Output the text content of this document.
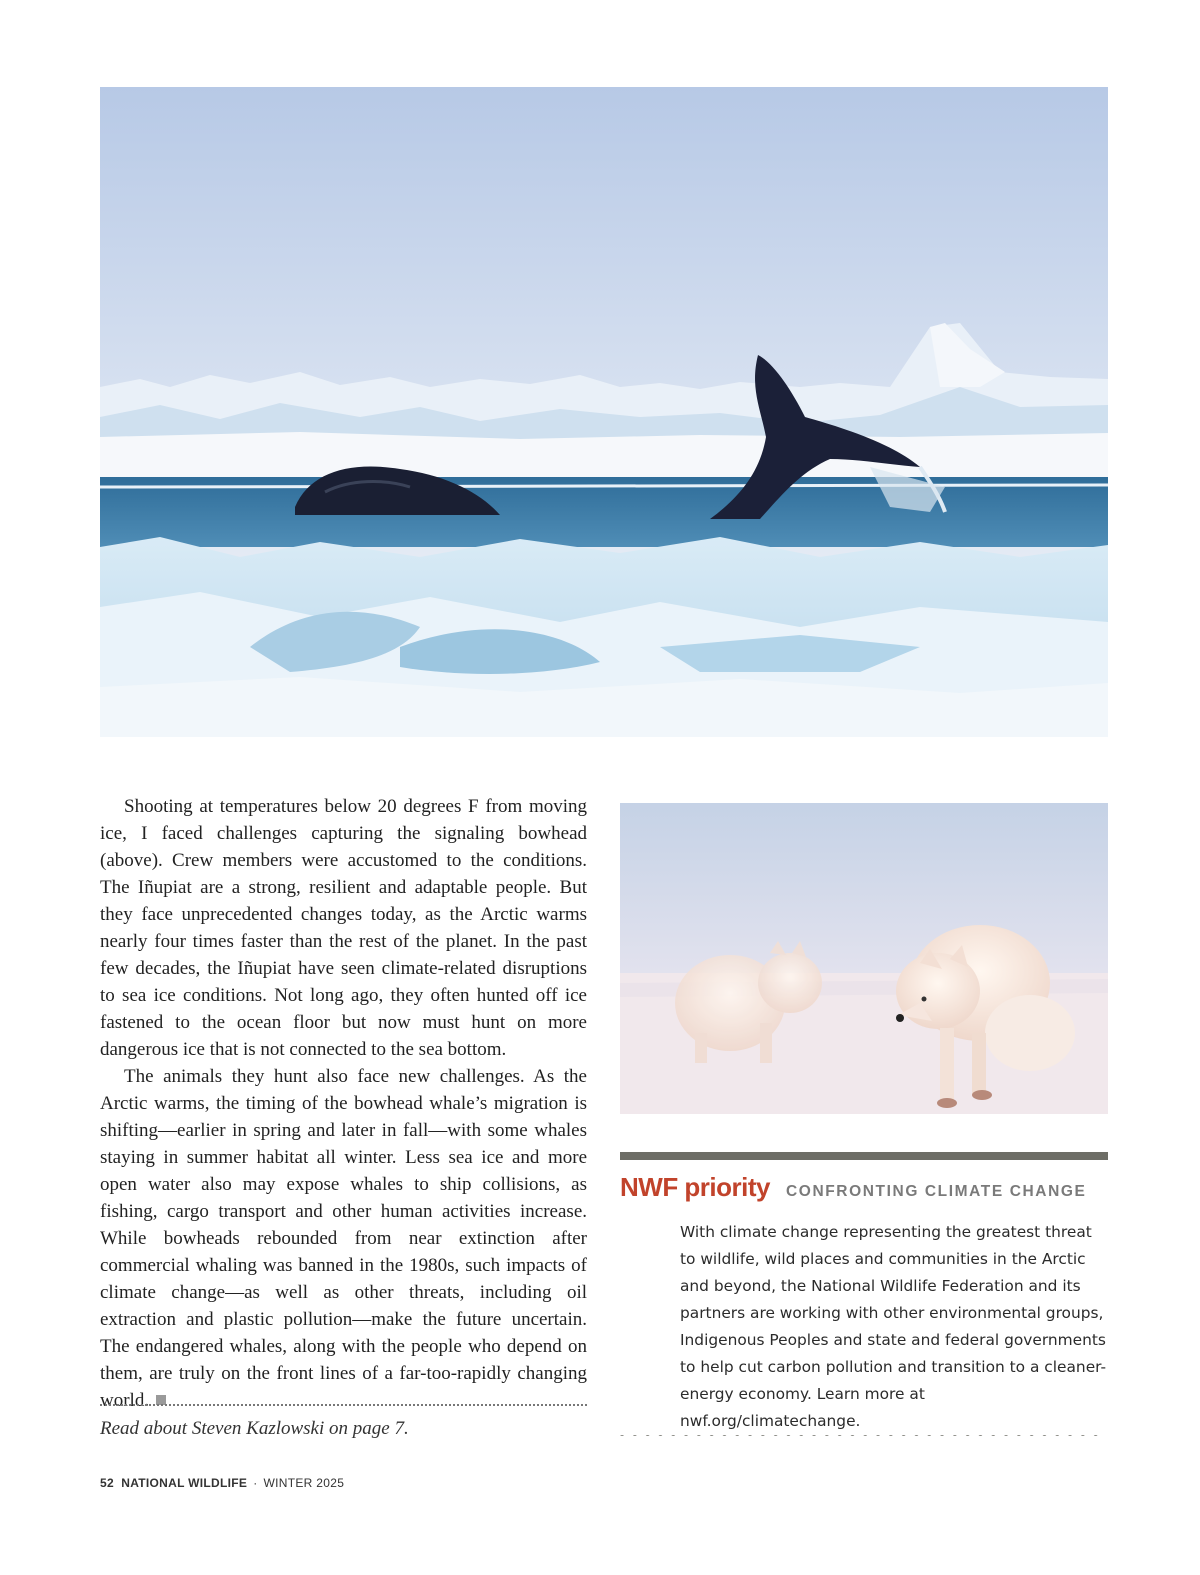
Shooting at temperatures below 20 degrees F from moving ice, I faced challenges capturing the signaling bowhead (above). Crew members were accustomed to the conditions. The Iñupiat are a strong, resilient and adaptable people. But they face unprecedented changes today, as the Arctic warms nearly four times faster than the rest of the planet. In the past few decades, the Iñupiat have seen climate-related disruptions to sea ice conditions. Not long ago, they often hunted off ice fastened to the ocean floor but now must hunt on more dangerous ice that is not connected to the sea bottom.

The animals they hunt also face new challenges. As the Arctic warms, the timing of the bowhead whale’s migration is shifting—earlier in spring and later in fall—with some whales staying in summer habitat all winter. Less sea ice and more open water also may expose whales to ship collisions, as fishing, cargo transport and other human activities increase. While bowheads rebounded from near extinction after commercial whaling was banned in the 1980s, such impacts of climate change—as well as other threats, including oil extraction and plastic pollution—make the future uncertain. The endangered whales, along with the people who depend on them, are truly on the front lines of a far-too-rapidly changing world.

Read about Steven Kazlowski on page 7.
NWF priority CONFRONTING CLIMATE CHANGE
With climate change representing the greatest threat to wildlife, wild places and communities in the Arctic and beyond, the National Wildlife Federation and its partners are working with other environmental groups, Indigenous Peoples and state and federal governments to help cut carbon pollution and transition to a cleaner-energy economy. Learn more at nwf.org/climatechange.
52 NATIONAL WILDLIFE · WINTER 2025
